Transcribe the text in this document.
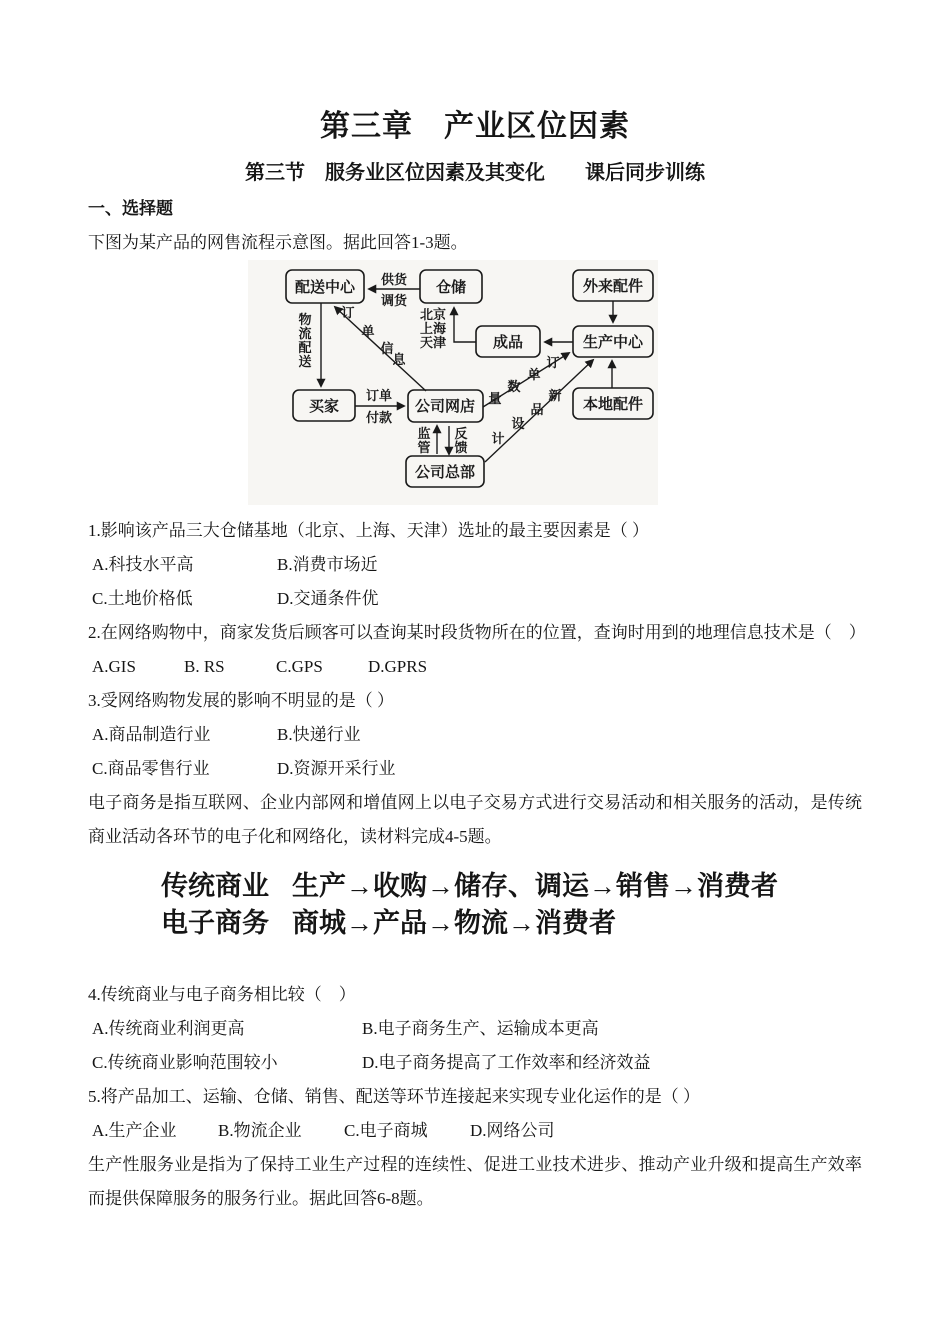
第三章　产业区位因素
第三节　服务业区位因素及其变化　　课后同步训练
一、选择题
下图为某产品的网售流程示意图。据此回答1-3题。
配送中心	仓储	外来配件
成品	生产中心
买家	公司网店	本地配件
公司总部
供货
调货
物
流
配
送
订单
付款
订
单
信
息
北京
上海
天津
订
单
数
量	新
品
设
计
监
管
反
馈
1.影响该产品三大仓储基地（北京、上海、天津）选址的最主要因素是（ ）
A.科技水平高	B.消费市场近
C.土地价格低	D.交通条件优
2.在网络购物中，商家发货后顾客可以查询某时段货物所在的位置，查询时用到的地理信息技术是（　）
A.GIS	B. RS	C.GPS	D.GPRS
3.受网络购物发展的影响不明显的是（ ）
A.商品制造行业	B.快递行业
C.商品零售行业	D.资源开采行业
电子商务是指互联网、企业内部网和增值网上以电子交易方式进行交易活动和相关服务的活动，是传统商业活动各环节的电子化和网络化，读材料完成4-5题。
传统商业 生产→收购→储存、调运→销售→消费者
电子商务 商城→产品→物流→消费者
4.传统商业与电子商务相比较（　）
A.传统商业利润更高	B.电子商务生产、运输成本更高
C.传统商业影响范围较小	D.电子商务提高了工作效率和经济效益
5.将产品加工、运输、仓储、销售、配送等环节连接起来实现专业化运作的是（ ）
A.生产企业 B.物流企业 C.电子商城 D.网络公司
生产性服务业是指为了保持工业生产过程的连续性、促进工业技术进步、推动产业升级和提高生产效率而提供保障服务的服务行业。据此回答6-8题。
